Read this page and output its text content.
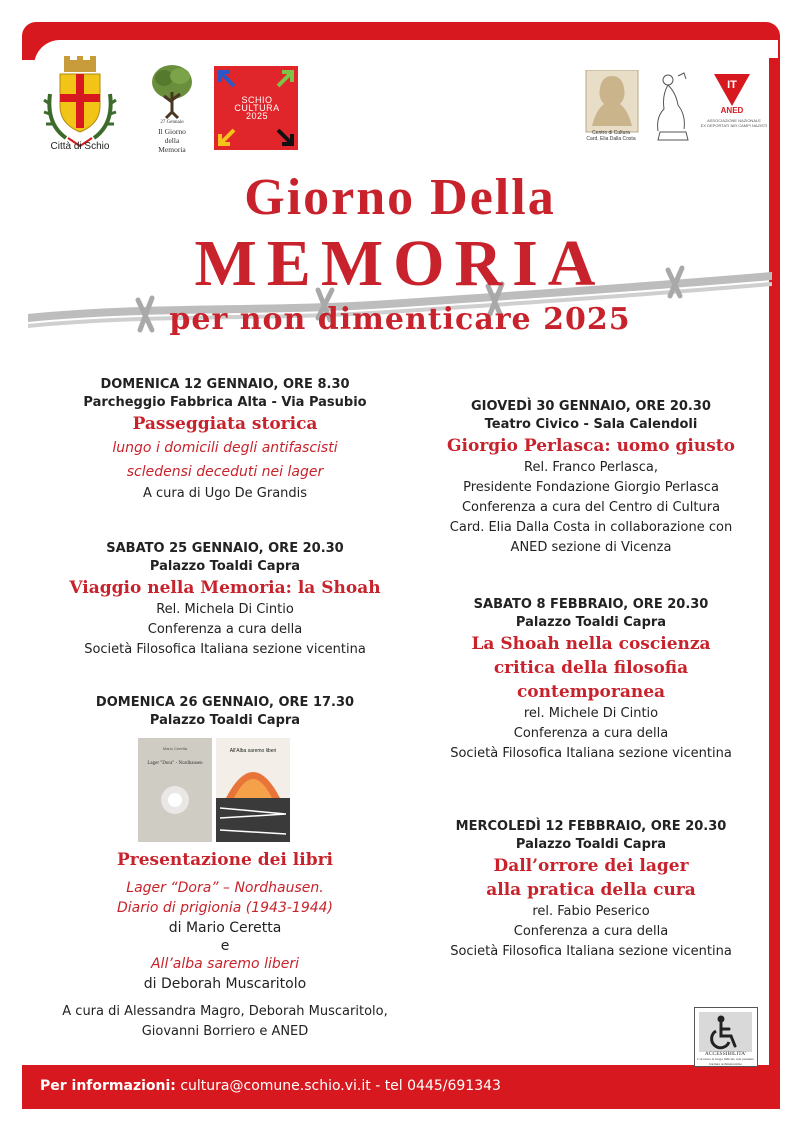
Città di Schio
27 Gennaio
Il Giorno
della
Memoria
SCHIO
CULTURA
2025
Centro di Cultura
Card. Elia Dalla Costa
IT
ANED
ASSOCIAZIONE NAZIONALE
EX DEPORTATI NEI CAMPI NAZISTI
Giorno Della
MEMORIA
per non dimenticare 2025
DOMENICA 12 GENNAIO, ORE 8.30
Parcheggio Fabbrica Alta - Via Pasubio
Passeggiata storica
lungo i domicili degli antifascisti
scledensi deceduti nei lager
A cura di Ugo De Grandis
SABATO 25 GENNAIO, ORE 20.30
Palazzo Toaldi Capra
Viaggio nella Memoria: la Shoah
Rel. Michela Di Cintio
Conferenza a cura della
Società Filosofica Italiana sezione vicentina
DOMENICA 26 GENNAIO, ORE 17.30
Palazzo Toaldi Capra
Mario Ceretta
Lager "Dora" - Nordhausen
All'Alba saremo liberi
Presentazione dei libri
Lager “Dora” – Nordhausen.
Diario di prigionia (1943-1944)
di Mario Ceretta
e
All’alba saremo liberi
di Deborah Muscaritolo
A cura di Alessandra Magro, Deborah Muscaritolo,
Giovanni Borriero e ANED
GIOVEDÌ 30 GENNAIO, ORE 20.30
Teatro Civico - Sala Calendoli
Giorgio Perlasca: uomo giusto
Rel. Franco Perlasca,
Presidente Fondazione Giorgio Perlasca
Conferenza a cura del Centro di Cultura
Card. Elia Dalla Costa in collaborazione con
ANED sezione di Vicenza
SABATO 8 FEBBRAIO, ORE 20.30
Palazzo Toaldi Capra
La Shoah nella coscienza
critica della filosofia
contemporanea
rel. Michele Di Cintio
Conferenza a cura della
Società Filosofica Italiana sezione vicentina
MERCOLEDÌ 12 FEBBRAIO, ORE 20.30
Palazzo Toaldi Capra
Dall’orrore dei lager
alla pratica della cura
rel. Fabio Peserico
Conferenza a cura della
Società Filosofica Italiana sezione vicentina
ACCESSIBILITA'
L'accesso al luogo indicato non presenta barriere architettoniche
Per informazioni: cultura@comune.schio.vi.it - tel 0445/691343
